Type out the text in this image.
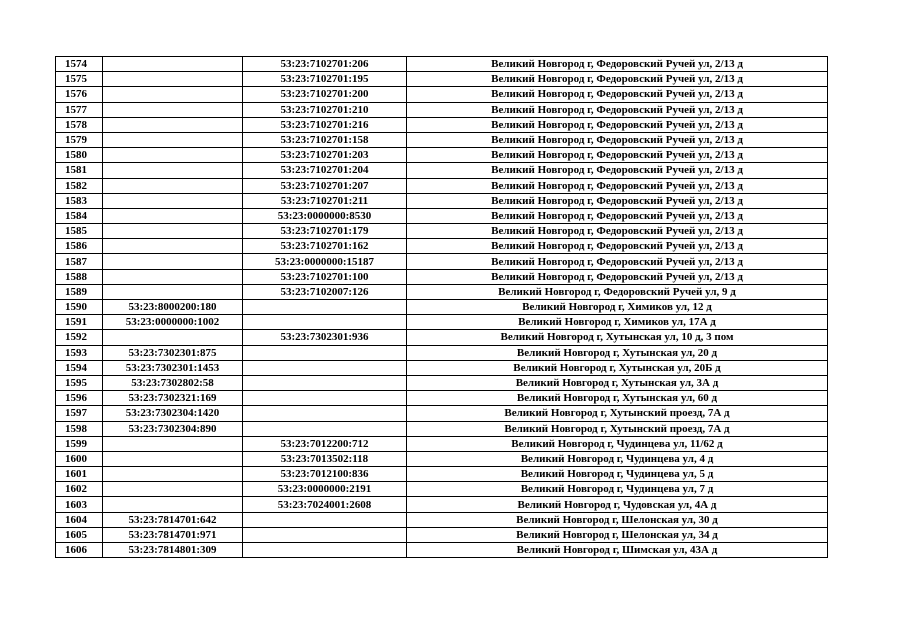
1574		53:23:7102701:206	Великий Новгород г, Федоровский Ручей ул, 2/13 д
1575		53:23:7102701:195	Великий Новгород г, Федоровский Ручей ул, 2/13 д
1576		53:23:7102701:200	Великий Новгород г, Федоровский Ручей ул, 2/13 д
1577		53:23:7102701:210	Великий Новгород г, Федоровский Ручей ул, 2/13 д
1578		53:23:7102701:216	Великий Новгород г, Федоровский Ручей ул, 2/13 д
1579		53:23:7102701:158	Великий Новгород г, Федоровский Ручей ул, 2/13 д
1580		53:23:7102701:203	Великий Новгород г, Федоровский Ручей ул, 2/13 д
1581		53:23:7102701:204	Великий Новгород г, Федоровский Ручей ул, 2/13 д
1582		53:23:7102701:207	Великий Новгород г, Федоровский Ручей ул, 2/13 д
1583		53:23:7102701:211	Великий Новгород г, Федоровский Ручей ул, 2/13 д
1584		53:23:0000000:8530	Великий Новгород г, Федоровский Ручей ул, 2/13 д
1585		53:23:7102701:179	Великий Новгород г, Федоровский Ручей ул, 2/13 д
1586		53:23:7102701:162	Великий Новгород г, Федоровский Ручей ул, 2/13 д
1587		53:23:0000000:15187	Великий Новгород г, Федоровский Ручей ул, 2/13 д
1588		53:23:7102701:100	Великий Новгород г, Федоровский Ручей ул, 2/13 д
1589		53:23:7102007:126	Великий Новгород г, Федоровский Ручей ул, 9 д
1590	53:23:8000200:180		Великий Новгород г, Химиков ул, 12 д
1591	53:23:0000000:1002		Великий Новгород г, Химиков ул, 17А д
1592		53:23:7302301:936	Великий Новгород г, Хутынская ул, 10 д, 3 пом
1593	53:23:7302301:875		Великий Новгород г, Хутынская ул, 20 д
1594	53:23:7302301:1453		Великий Новгород г, Хутынская ул, 20Б д
1595	53:23:7302802:58		Великий Новгород г, Хутынская ул, 3А д
1596	53:23:7302321:169		Великий Новгород г, Хутынская ул, 60 д
1597	53:23:7302304:1420		Великий Новгород г, Хутынский проезд, 7А д
1598	53:23:7302304:890		Великий Новгород г, Хутынский проезд, 7А д
1599		53:23:7012200:712	Великий Новгород г, Чудинцева ул, 11/62 д
1600		53:23:7013502:118	Великий Новгород г, Чудинцева ул, 4 д
1601		53:23:7012100:836	Великий Новгород г, Чудинцева ул, 5 д
1602		53:23:0000000:2191	Великий Новгород г, Чудинцева ул, 7 д
1603		53:23:7024001:2608	Великий Новгород г, Чудовская ул, 4А д
1604	53:23:7814701:642		Великий Новгород г, Шелонская ул, 30 д
1605	53:23:7814701:971		Великий Новгород г, Шелонская ул, 34 д
1606	53:23:7814801:309		Великий Новгород г, Шимская ул, 43А д
